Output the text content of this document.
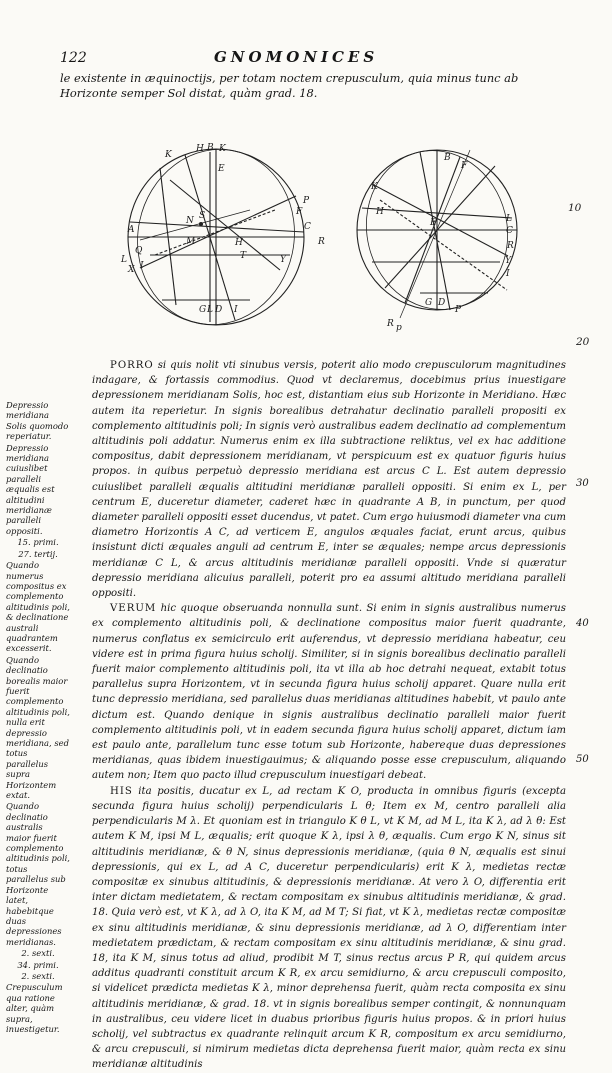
122	GNOMONICES
le existente in æquinoctijs, per totam noctem crepusculum, quia minus tunc ab Horizonte semper Sol distat, quàm grad. 18.
K
H B K
E
P
F
C
N S
R
A
Q
L
M
T
H
Y
X I
G L D I
B
F
K
H
E	L
C
R
Y
I
G D
P
R p
10
20
Depressio meridiana Solis quomodo reperiatur.
Depressio meridiana cuiuslibet paralleli æqualis est altitudini meridianæ paralleli oppositi.
15. primi.
27. tertij.
Quando numerus compositus ex complemento altitudinis poli, & declinatione australi quadrantem excesserit.
Quando declinatio borealis maior fuerit complemento altitudinis poli, nulla erit depressio meridiana, sed totus parallelus supra Horizontem extat.
Quando declinatio australis maior fuerit complemento altitudinis poli, totus parallelus sub Horizonte latet, habebitque duas depressiones meridianas.
2. sexti.
34. primi.
2. sexti.
Crepusculum qua ratione alter, quàm supra, inuestigetur.

PORRO si quis nolit vti sinubus versis, poterit alio modo crepusculorum magnitudines indagare, & fortassis commodius. Quod vt declaremus, docebimus prius inuestigare depressionem meridianam Solis, hoc est, distantiam eius sub Horizonte in Meridiano. Hæc autem ita reperietur. In signis borealibus detrahatur declinatio paralleli propositi ex complemento altitudinis poli; In signis verò australibus eadem declinatio ad complementum altitudinis poli addatur. Numerus enim ex illa subtractione reliktus, vel ex hac additione compositus, dabit depressionem meridianam, vt perspicuum est ex quatuor figuris huius propos. in quibus perpetuò depressio meridiana est arcus C L. Est autem depressio cuiuslibet paralleli æqualis altitudini meridianæ paralleli oppositi. Si enim ex L, per centrum E, duceretur diameter, caderet hæc in quadrante A B, in punctum, per quod diameter paralleli oppositi esset ducendus, vt patet. Cum ergo huiusmodi diameter vna cum diametro Horizontis A C, ad verticem E, angulos æquales faciat, erunt arcus, quibus insistunt dicti æquales anguli ad centrum E, inter se æquales; nempe arcus depressionis meridianæ C L, & arcus altitudinis meridianæ paralleli oppositi. Vnde si quæratur depressio meridiana alicuius paralleli, poterit pro ea assumi altitudo meridiana paralleli oppositi.

VERUM hic quoque obseruanda nonnulla sunt. Si enim in signis australibus numerus ex complemento altitudinis poli, & declinatione compositus maior fuerit quadrante, numerus conflatus ex semicirculo erit auferendus, vt depressio meridiana habeatur, ceu videre est in prima figura huius scholij. Similiter, si in signis borealibus declinatio paralleli fuerit maior complemento altitudinis poli, ita vt illa ab hoc detrahi nequeat, extabit totus parallelus supra Horizontem, vt in secunda figura huius scholij apparet. Quare nulla erit tunc depressio meridiana, sed parallelus duas meridianas altitudines habebit, vt paulo ante dictum est. Quando denique in signis australibus declinatio paralleli maior fuerit complemento altitudinis poli, vt in eadem secunda figura huius scholij apparet, dictum iam est paulo ante, parallelum tunc esse totum sub Horizonte, habereque duas depressiones meridianas, quas ibidem inuestigauimus; & aliquando posse esse crepusculum, aliquando autem non; Item quo pacto illud crepusculum inuestigari debeat.

HIS ita positis, ducatur ex L, ad rectam K O, producta in omnibus figuris (excepta secunda figura huius scholij) perpendicularis L θ; Item ex M, centro paralleli alia perpendicularis M λ. Et quoniam est in triangulo K θ L, vt K M, ad M L, ita K λ, ad λ θ: Est autem K M, ipsi M L, æqualis; erit quoque K λ, ipsi λ θ, æqualis. Cum ergo K N, sinus sit altitudinis meridianæ, & θ N, sinus depressionis meridianæ, (quia θ N, æqualis est sinui depressionis, qui ex L, ad A C, duceretur perpendicularis) erit K λ, medietas rectæ compositæ ex sinubus altitudinis, & depressionis meridianæ. At vero λ O, differentia erit inter dictam medietatem, & rectam compositam ex sinubus altitudinis meridianæ, & grad. 18. Quia verò est, vt K λ, ad λ O, ita K M, ad M T; Si fiat, vt K λ, medietas rectæ compositæ ex sinu altitudinis meridianæ, & sinu depressionis meridianæ, ad λ O, differentiam inter medietatem prædictam, & rectam compositam ex sinu altitudinis meridianæ, & sinu grad. 18, ita K M, sinus totus ad aliud, prodibit M T, sinus rectus arcus P R, qui quidem arcus additus quadranti constituit arcum K R, ex arcu semidiurno, & arcu crepusculi composito, si videlicet prædicta medietas K λ, minor deprehensa fuerit, quàm recta composita ex sinu altitudinis meridianæ, & grad. 18. vt in signis borealibus semper contingit, & nonnunquam in australibus, ceu videre licet in duabus prioribus figuris huius propos. & in priori huius scholij, vel subtractus ex quadrante relinquit arcum K R, compositum ex arcu semidiurno, & arcu crepusculi, si nimirum medietas dicta deprehensa fuerit maior, quàm recta ex sinu meridianæ altitudinis

30
40
50
